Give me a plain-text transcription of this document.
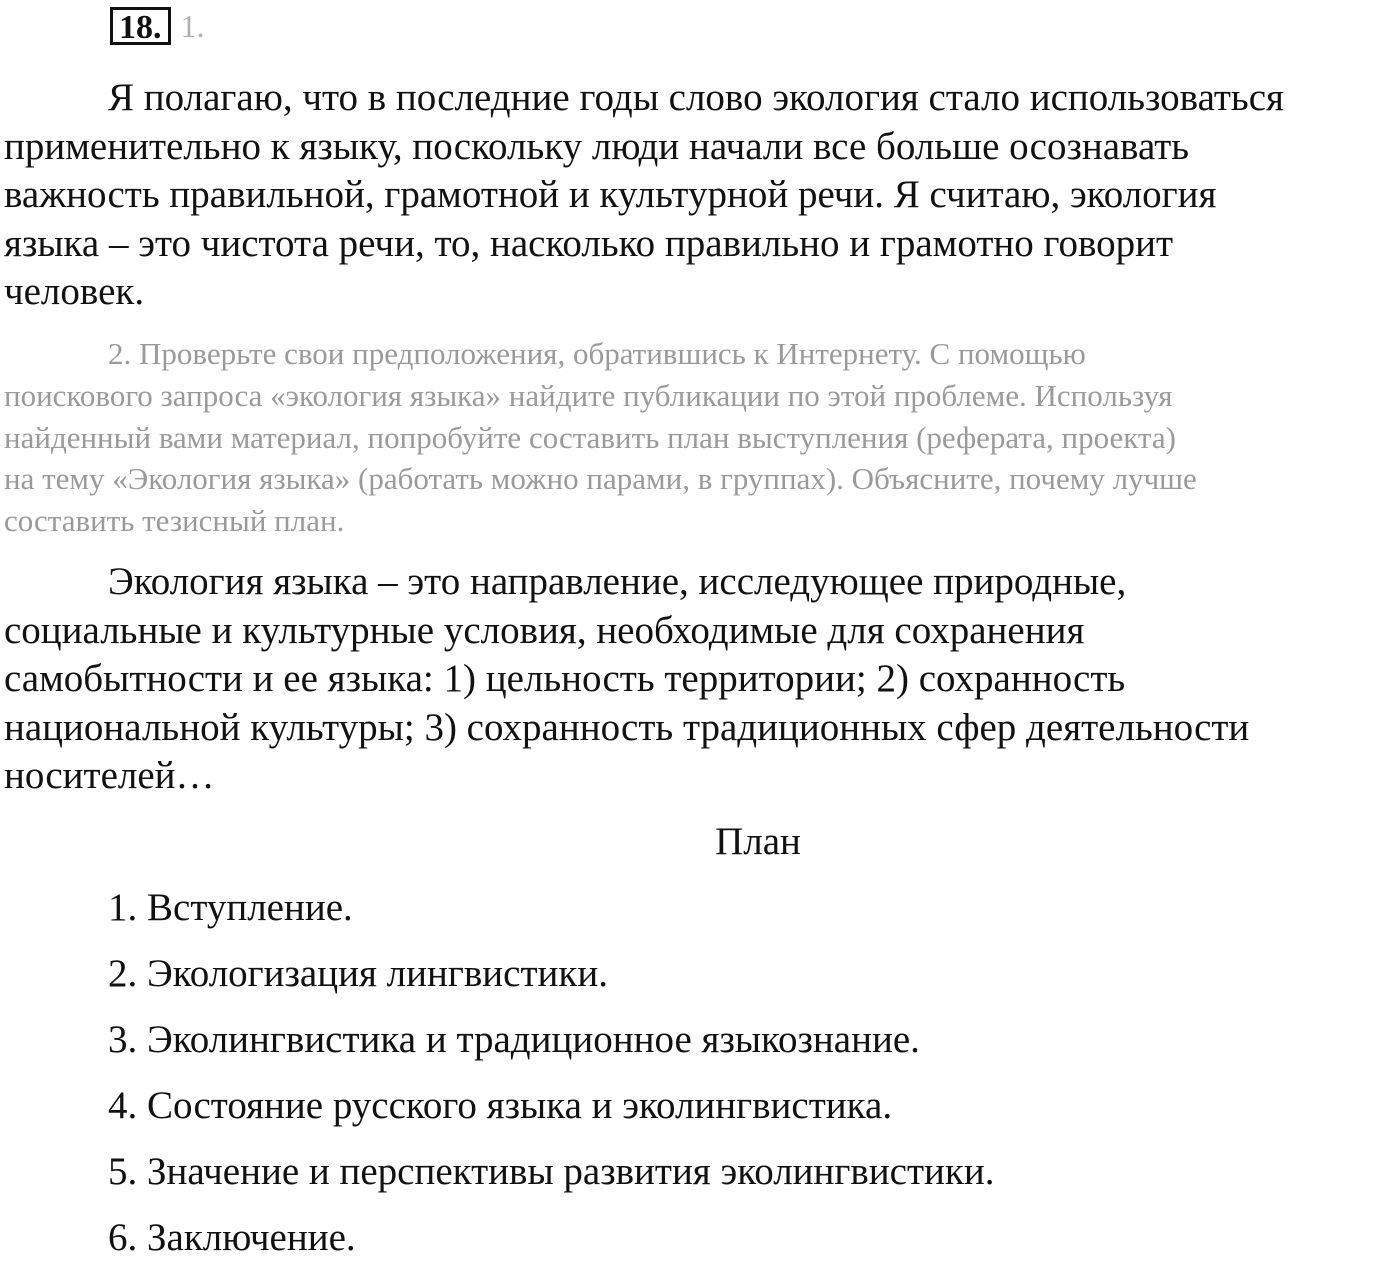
18. 1.

Я полагаю, что в последние годы слово экология стало использоваться
применительно к языку, поскольку люди начали все больше осознавать
важность правильной, грамотной и культурной речи. Я считаю, экология
языка – это чистота речи, то, насколько правильно и грамотно говорит
человек.

2. Проверьте свои предположения, обратившись к Интернету. С помощью
поискового запроса «экология языка» найдите публикации по этой проблеме. Используя
найденный вами материал, попробуйте составить план выступления (реферата, проекта)
на тему «Экология языка» (работать можно парами, в группах). Объясните, почему лучше
составить тезисный план.

Экология языка – это направление, исследующее природные,
социальные и культурные условия, необходимые для сохранения
самобытности и ее языка: 1) цельность территории; 2) сохранность
национальной культуры; 3) сохранность традиционных сфер деятельности
носителей…

План
1. Вступление.
2. Экологизация лингвистики.
3. Эколингвистика и традиционное языкознание.
4. Состояние русского языка и эколингвистика.
5. Значение и перспективы развития эколингвистики.
6. Заключение.
